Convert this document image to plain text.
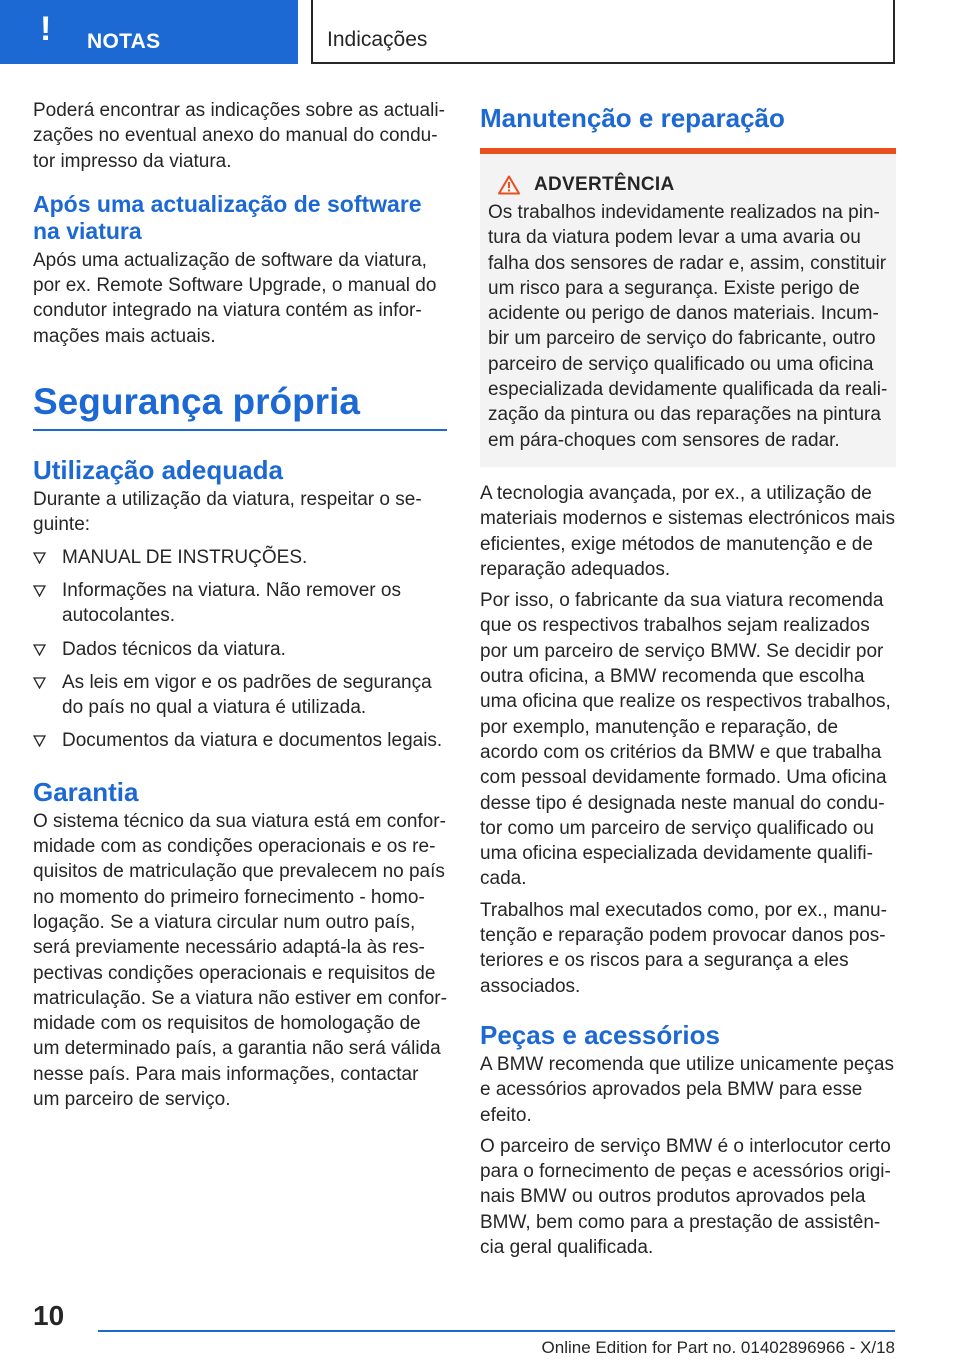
! NOTAS	Indicações

Poderá encontrar as indicações sobre as actualizações no eventual anexo do manual do condutor impresso da viatura.

Após uma actualização de software na viatura

Após uma actualização de software da viatura, por ex. Remote Software Upgrade, o manual do condutor integrado na viatura contém as informações mais actuais.

Segurança própria
Utilização adequada

Durante a utilização da viatura, respeitar o seguinte:

MANUAL DE INSTRUÇÕES.
Informações na viatura. Não remover os autocolantes.
Dados técnicos da viatura.
As leis em vigor e os padrões de segurança do país no qual a viatura é utilizada.
Documentos da viatura e documentos legais.
Garantia

O sistema técnico da sua viatura está em conformidade com as condições operacionais e os requisitos de matriculação que prevalecem no país no momento do primeiro fornecimento - homologação. Se a viatura circular num outro país, será previamente necessário adaptá-la às respectivas condições operacionais e requisitos de matriculação. Se a viatura não estiver em conformidade com os requisitos de homologação de um determinado país, a garantia não será válida nesse país. Para mais informações, contactar um parceiro de serviço.

Manutenção e reparação
ADVERTÊNCIA

Os trabalhos indevidamente realizados na pintura da viatura podem levar a uma avaria ou falha dos sensores de radar e, assim, constituir um risco para a segurança. Existe perigo de acidente ou perigo de danos materiais. Incumbir um parceiro de serviço do fabricante, outro parceiro de serviço qualificado ou uma oficina especializada devidamente qualificada da realização da pintura ou das reparações na pintura em pára-choques com sensores de radar.

A tecnologia avançada, por ex., a utilização de materiais modernos e sistemas electrónicos mais eficientes, exige métodos de manutenção e de reparação adequados.

Por isso, o fabricante da sua viatura recomenda que os respectivos trabalhos sejam realizados por um parceiro de serviço BMW. Se decidir por outra oficina, a BMW recomenda que escolha uma oficina que realize os respectivos trabalhos, por exemplo, manutenção e reparação, de acordo com os critérios da BMW e que trabalha com pessoal devidamente formado. Uma oficina desse tipo é designada neste manual do condutor como um parceiro de serviço qualificado ou uma oficina especializada devidamente qualificada.

Trabalhos mal executados como, por ex., manutenção e reparação podem provocar danos posteriores e os riscos para a segurança a eles associados.

Peças e acessórios

A BMW recomenda que utilize unicamente peças e acessórios aprovados pela BMW para esse efeito.

O parceiro de serviço BMW é o interlocutor certo para o fornecimento de peças e acessórios originais BMW ou outros produtos aprovados pela BMW, bem como para a prestação de assistência geral qualificada.

10
Online Edition for Part no. 01402896966 - X/18
